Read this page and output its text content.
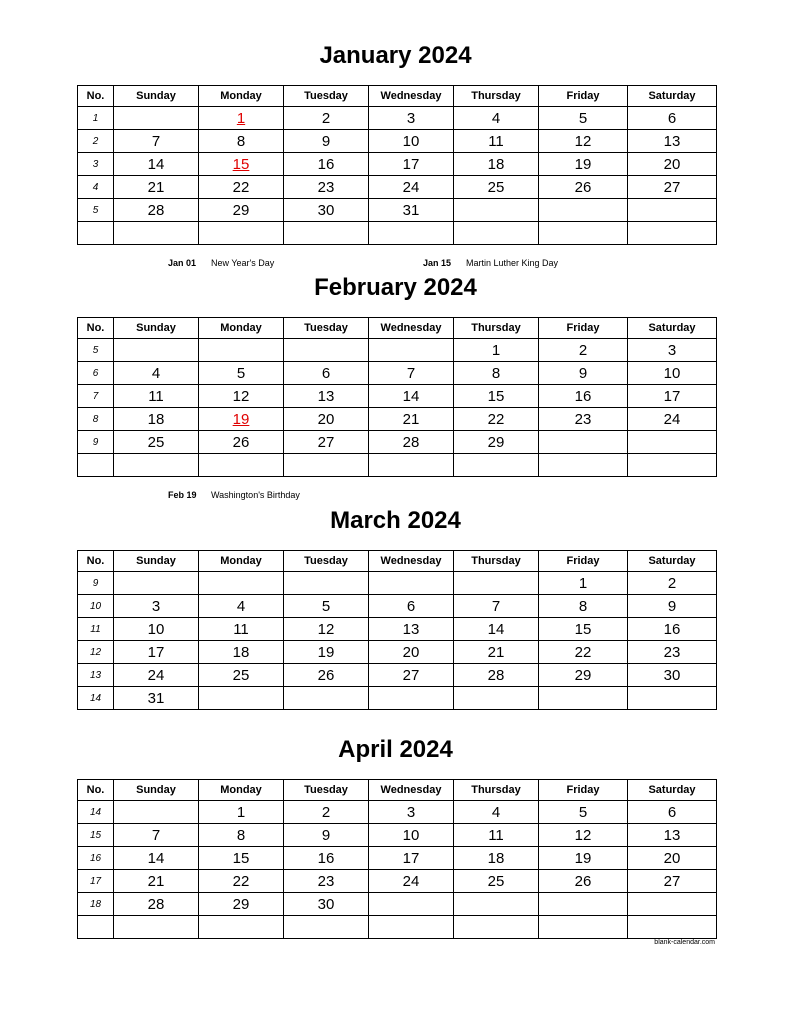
January 2024
No.	Sunday	Monday	Tuesday	Wednesday	Thursday	Friday	Saturday
1		1	2	3	4	5	6
2	7	8	9	10	11	12	13
3	14	15	16	17	18	19	20
4	21	22	23	24	25	26	27
5	28	29	30	31			

Jan 01 New Year's Day	Jan 15 Martin Luther King Day
February 2024
No.	Sunday	Monday	Tuesday	Wednesday	Thursday	Friday	Saturday
5					1	2	3
6	4	5	6	7	8	9	10
7	11	12	13	14	15	16	17
8	18	19	20	21	22	23	24
9	25	26	27	28	29		

Feb 19 Washington's Birthday
March 2024
No.	Sunday	Monday	Tuesday	Wednesday	Thursday	Friday	Saturday
9						1	2
10	3	4	5	6	7	8	9
11	10	11	12	13	14	15	16
12	17	18	19	20	21	22	23
13	24	25	26	27	28	29	30
14	31						
April 2024
No.	Sunday	Monday	Tuesday	Wednesday	Thursday	Friday	Saturday
14		1	2	3	4	5	6
15	7	8	9	10	11	12	13
16	14	15	16	17	18	19	20
17	21	22	23	24	25	26	27
18	28	29	30				

blank-calendar.com
